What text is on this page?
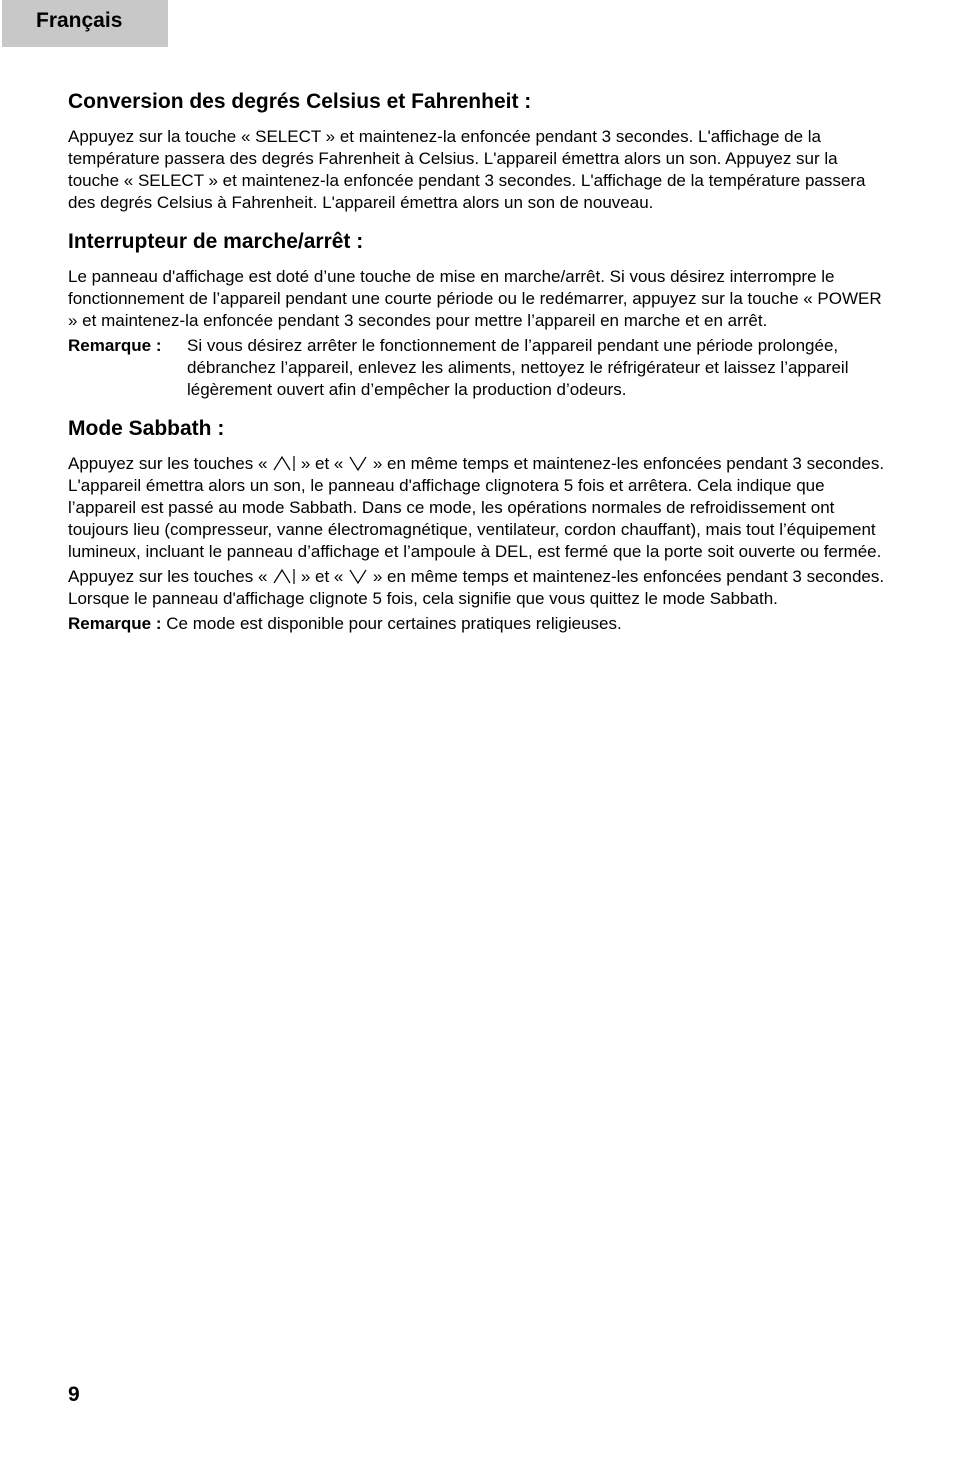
Français
Conversion des degrés Celsius et Fahrenheit :

Appuyez sur la touche « SELECT » et maintenez-la enfoncée pendant 3 secondes. L'affichage de la température passera des degrés Fahrenheit à Celsius. L'appareil émettra alors un son. Appuyez sur la touche « SELECT » et maintenez-la enfoncée pendant 3 secondes. L'affichage de la température passera des degrés Celsius à Fahrenheit. L'appareil émettra alors un son de nouveau.

Interrupteur de marche/arrêt :

Le panneau d'affichage est doté d’une touche de mise en marche/arrêt. Si vous désirez interrompre le fonctionnement de l’appareil pendant une courte période ou le redémarrer, appuyez sur la touche « POWER » et maintenez-la enfoncée pendant 3 secondes pour mettre l’appareil en marche et en arrêt.

Remarque :	Si vous désirez arrêter le fonctionnement de l’appareil pendant une période prolongée, débranchez l’appareil, enlevez les aliments, nettoyez le réfrigérateur et laissez l’appareil légèrement ouvert afin d’empêcher la production d’odeurs.
Mode Sabbath :

Appuyez sur les touches «  » et «  » en même temps et maintenez-les enfoncées pendant 3 secondes. L'appareil émettra alors un son, le panneau d'affichage clignotera 5 fois et arrêtera. Cela indique que l’appareil est passé au mode Sabbath. Dans ce mode, les opérations normales de refroidissement ont toujours lieu (compresseur, vanne électromagnétique, ventilateur, cordon chauffant), mais tout l’équipement lumineux, incluant le panneau d’affichage et l’ampoule à DEL, est fermé que la porte soit ouverte ou fermée.

Appuyez sur les touches «  » et «  » en même temps et maintenez-les enfoncées pendant 3 secondes. Lorsque le panneau d'affichage clignote 5 fois, cela signifie que vous quittez le mode Sabbath.

Remarque : Ce mode est disponible pour certaines pratiques religieuses.

9
